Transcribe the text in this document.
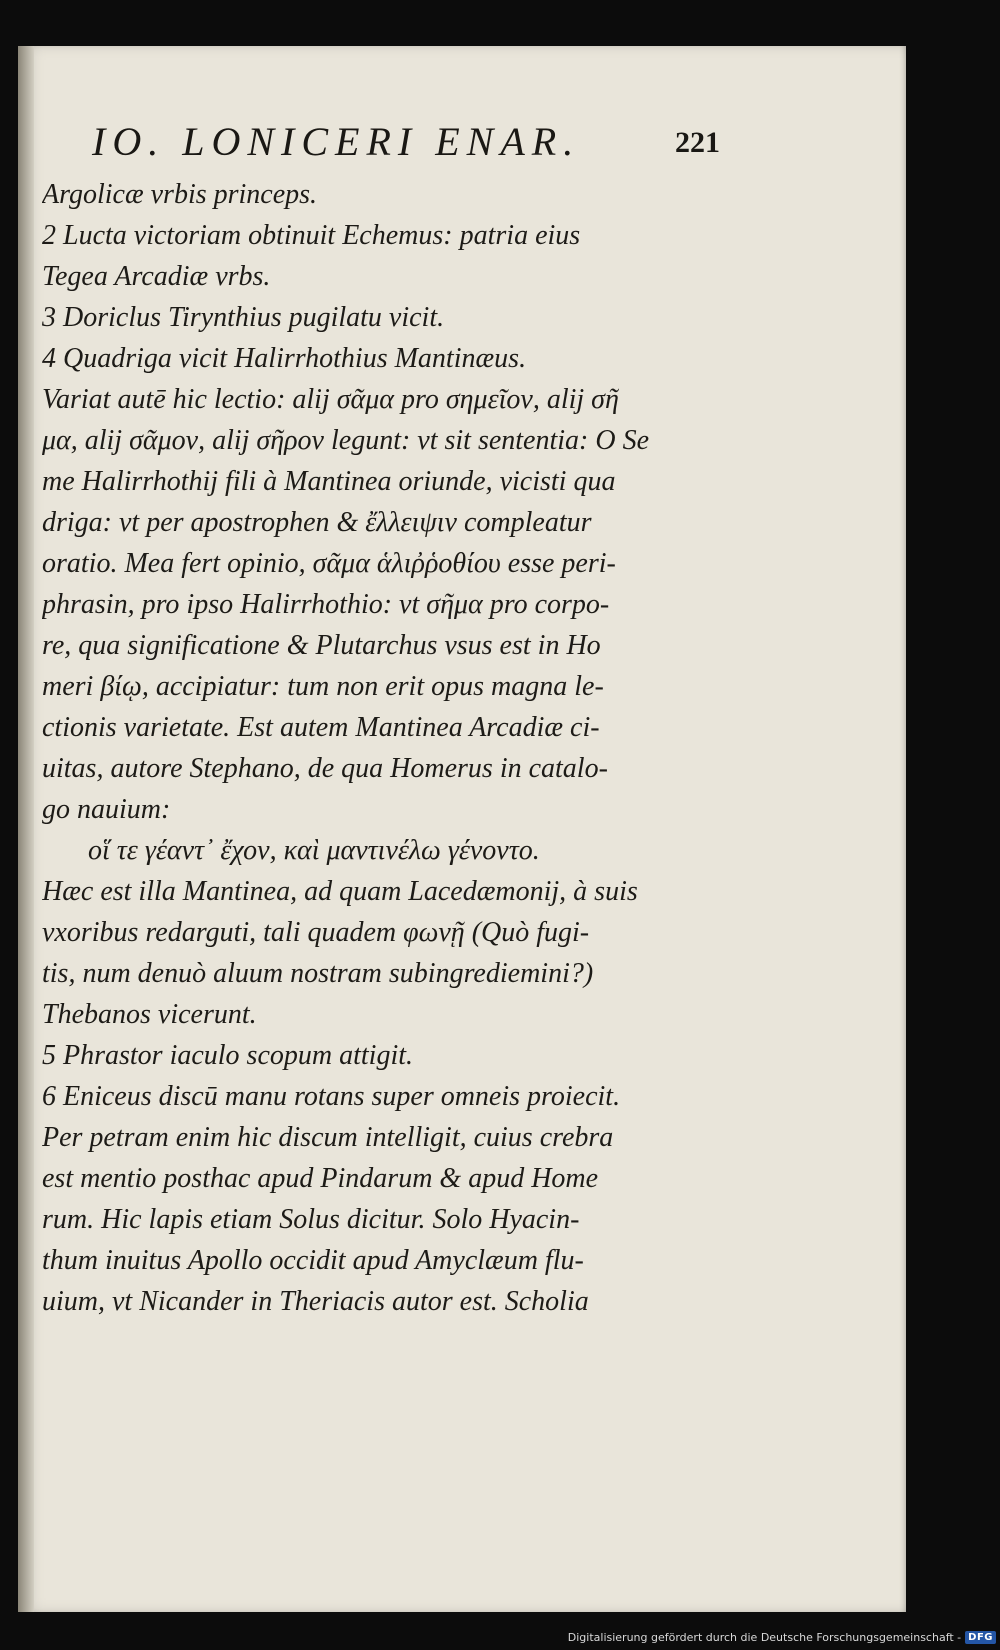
IO. LONICERI ENAR.	221
Argolicæ vrbis princeps.
2 Lucta victoriam obtinuit Echemus: patria eius
Tegea Arcadiæ vrbs.
3 Doriclus Tirynthius pugilatu vicit.
4 Quadriga vicit Halirrhothius Mantinæus.
Variat autē hic lectio: alij σᾶμα pro σημεῖον, alij σῆ
μα, alij σᾶμον, alij σῆρον legunt: vt sit sententia: O Se
me Halirrhothij fili à Mantinea oriunde, vicisti qua
driga: vt per apostrophen & ἔλλειψιν compleatur
oratio. Mea fert opinio, σᾶμα ἁλιῤῥοθίου esse peri-
phrasin, pro ipso Halirrhothio: vt σῆμα pro corpo-
re, qua significatione & Plutarchus vsus est in Ho
meri βίῳ, accipiatur: tum non erit opus magna le-
ctionis varietate. Est autem Mantinea Arcadiæ ci-
uitas, autore Stephano, de qua Homerus in catalo-
go nauium:
οἵ τε γέαντ᾽ ἔχον, καὶ μαντινέλω γένοντο.
Hæc est illa Mantinea, ad quam Lacedæmonij, à suis
vxoribus redarguti, tali quadem φωνῇ (Quò fugi-
tis, num denuò aluum nostram subingrediemini?)
Thebanos vicerunt.
5 Phrastor iaculo scopum attigit.
6 Eniceus discū manu rotans super omneis proiecit.
Per petram enim hic discum intelligit, cuius crebra
est mentio posthac apud Pindarum & apud Home
rum. Hic lapis etiam Solus dicitur. Solo Hyacin-
thum inuitus Apollo occidit apud Amyclæum flu-
uium, vt Nicander in Theriacis autor est. Scholia
Digitalisierung gefördert durch die Deutsche Forschungsgemeinschaft - DFG
